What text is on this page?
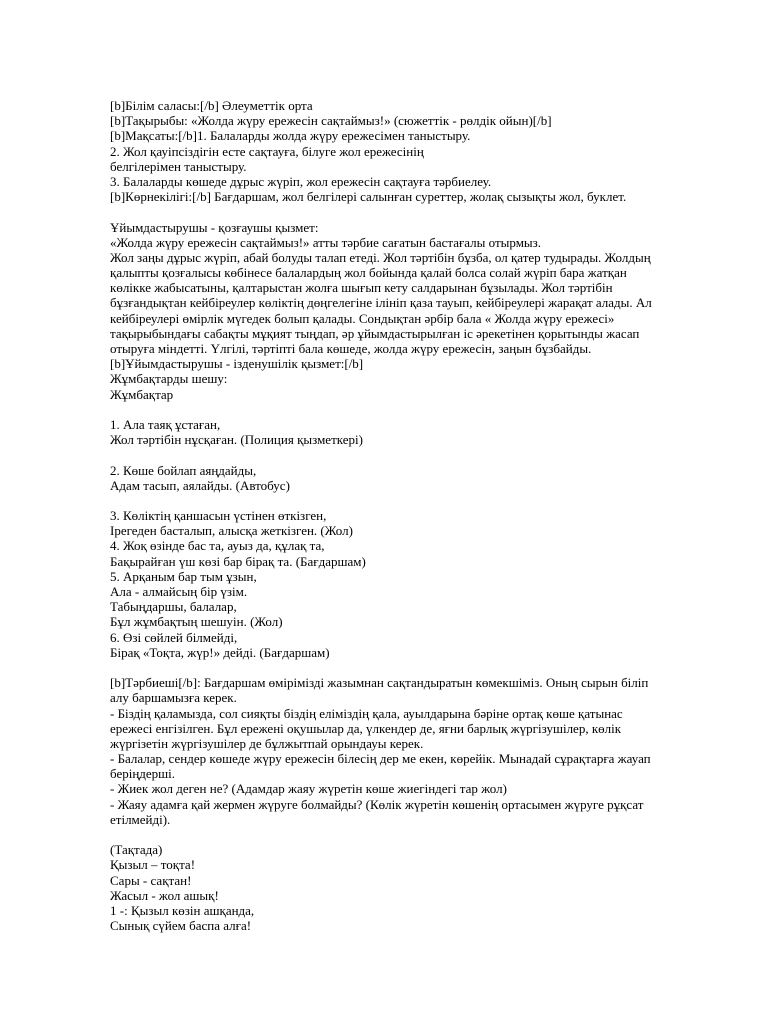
[b]Білім саласы:[/b] Әлеуметтік орта
[b]Тақырыбы: «Жолда жүру ережесін сақтаймыз!» (сюжеттік - рөлдік ойын)[/b]
[b]Мақсаты:[/b]1. Балаларды жолда жүру ережесімен таныстыру.
2. Жол қауіпсіздігін есте сақтауға, білуге жол ережесінің
белгілерімен таныстыру.
3. Балаларды көшеде дұрыс жүріп, жол ережесін сақтауға тәрбиелеу.
[b]Көрнекілігі:[/b] Бағдаршам, жол белгілері салынған суреттер, жолақ сызықты жол, буклет.
Ұйымдастырушы - қозғаушы қызмет:
«Жолда жүру ережесін сақтаймыз!» атты тәрбие сағатын бастағалы отырмыз.
Жол заңы дұрыс жүріп, абай болуды талап етеді. Жол тәртібін бұзба, ол қатер тудырады. Жолдың
қалыпты қозғалысы көбінесе балалардың жол бойында қалай болса солай жүріп бара жатқан
көлікке жабысатыны, қалтарыстан жолға шығып кету салдарынан бұзылады. Жол тәртібін
бұзғандықтан кейбіреулер көліктің дөңгелегіне ілініп қаза тауып, кейбіреулері жарақат алады. Ал
кейбіреулері өмірлік мүгедек болып қалады. Сондықтан әрбір бала « Жолда жүру ережесі»
тақырыбындағы сабақты мұқият тыңдап, әр ұйымдастырылған іс әрекетінен қорытынды жасап
отыруға міндетті. Үлгілі, тәртіпті бала көшеде, жолда жүру ережесін, заңын бұзбайды.
[b]Ұйымдастырушы - ізденушілік қызмет:[/b]
Жұмбақтарды шешу:
Жұмбақтар
1. Ала таяқ ұстаған,
Жол тәртібін нұсқаған. (Полиция қызметкері)
2. Көше бойлап аяңдайды,
Адам тасып, аялайды. (Автобус)
3. Көліктің қаншасын үстінен өткізген,
Ірегеден басталып, алысқа жеткізген. (Жол)
4. Жоқ өзінде бас та, ауыз да, құлақ та,
Бақырайған үш көзі бар бірақ та. (Бағдаршам)
5. Арқаным бар тым ұзын,
Ала - алмайсың бір үзім.
Табыңдаршы, балалар,
Бұл жұмбақтың шешуін. (Жол)
6. Өзі сөйлей білмейді,
Бірақ «Тоқта, жүр!» дейді. (Бағдаршам)
[b]Тәрбиеші[/b]: Бағдаршам өмірімізді жазымнан сақтандыратын көмекшіміз. Оның сырын біліп
алу баршамызға керек.
- Біздің қаламызда, сол сияқты біздің еліміздің қала, ауылдарына бәріне ортақ көше қатынас
ережесі енгізілген. Бұл ережені оқушылар да, үлкендер де, яғни барлық жүргізушілер, көлік
жүргізетін жүргізушілер де бұлжытпай орындауы керек.
- Балалар, сендер көшеде жүру ережесін білесің дер ме екен, көрейік. Мынадай сұрақтарға жауап
беріңдерші.
- Жиек жол деген не? (Адамдар жаяу жүретін көше жиегіндегі тар жол)
- Жаяу адамға қай жермен жүруге болмайды? (Көлік жүретін көшенің ортасымен жүруге рұқсат
етілмейді).
(Тақтада)
Қызыл – тоқта!
Сары - сақтан!
Жасыл - жол ашық!
1 -: Қызыл көзін ашқанда,
Сынық сүйем баспа алға!
